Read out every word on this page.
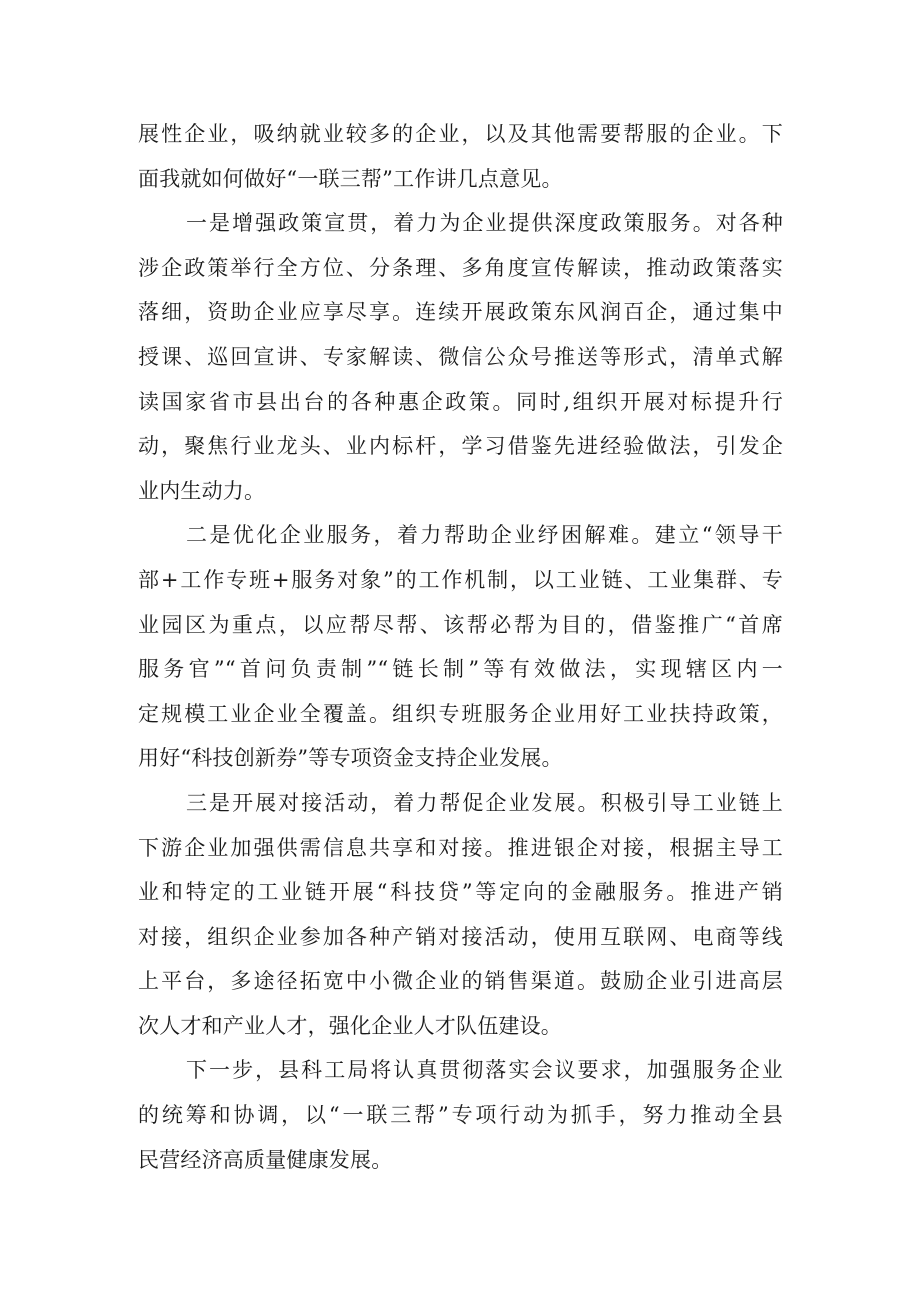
展性企业，吸纳就业较多的企业，以及其他需要帮服的企业。下
面我就如何做好“一联三帮”工作讲几点意见。
一是增强政策宣贯，着力为企业提供深度政策服务。对各种
涉企政策举行全方位、分条理、多角度宣传解读，推动政策落实
落细，资助企业应享尽享。连续开展政策东风润百企，通过集中
授课、巡回宣讲、专家解读、微信公众号推送等形式，清单式解
读国家省市县出台的各种惠企政策。同时,组织开展对标提升行
动，聚焦行业龙头、业内标杆，学习借鉴先进经验做法，引发企
业内生动力。
二是优化企业服务，着力帮助企业纾困解难。建立“领导干
部+工作专班+服务对象”的工作机制，以工业链、工业集群、专
业园区为重点，以应帮尽帮、该帮必帮为目的，借鉴推广“首席
服务官”“首问负责制”“链长制”等有效做法，实现辖区内一
定规模工业企业全覆盖。组织专班服务企业用好工业扶持政策，
用好“科技创新券”等专项资金支持企业发展。
三是开展对接活动，着力帮促企业发展。积极引导工业链上
下游企业加强供需信息共享和对接。推进银企对接，根据主导工
业和特定的工业链开展“科技贷”等定向的金融服务。推进产销
对接，组织企业参加各种产销对接活动，使用互联网、电商等线
上平台，多途径拓宽中小微企业的销售渠道。鼓励企业引进高层
次人才和产业人才，强化企业人才队伍建设。
下一步，县科工局将认真贯彻落实会议要求，加强服务企业
的统筹和协调，以“一联三帮”专项行动为抓手，努力推动全县
民营经济高质量健康发展。
